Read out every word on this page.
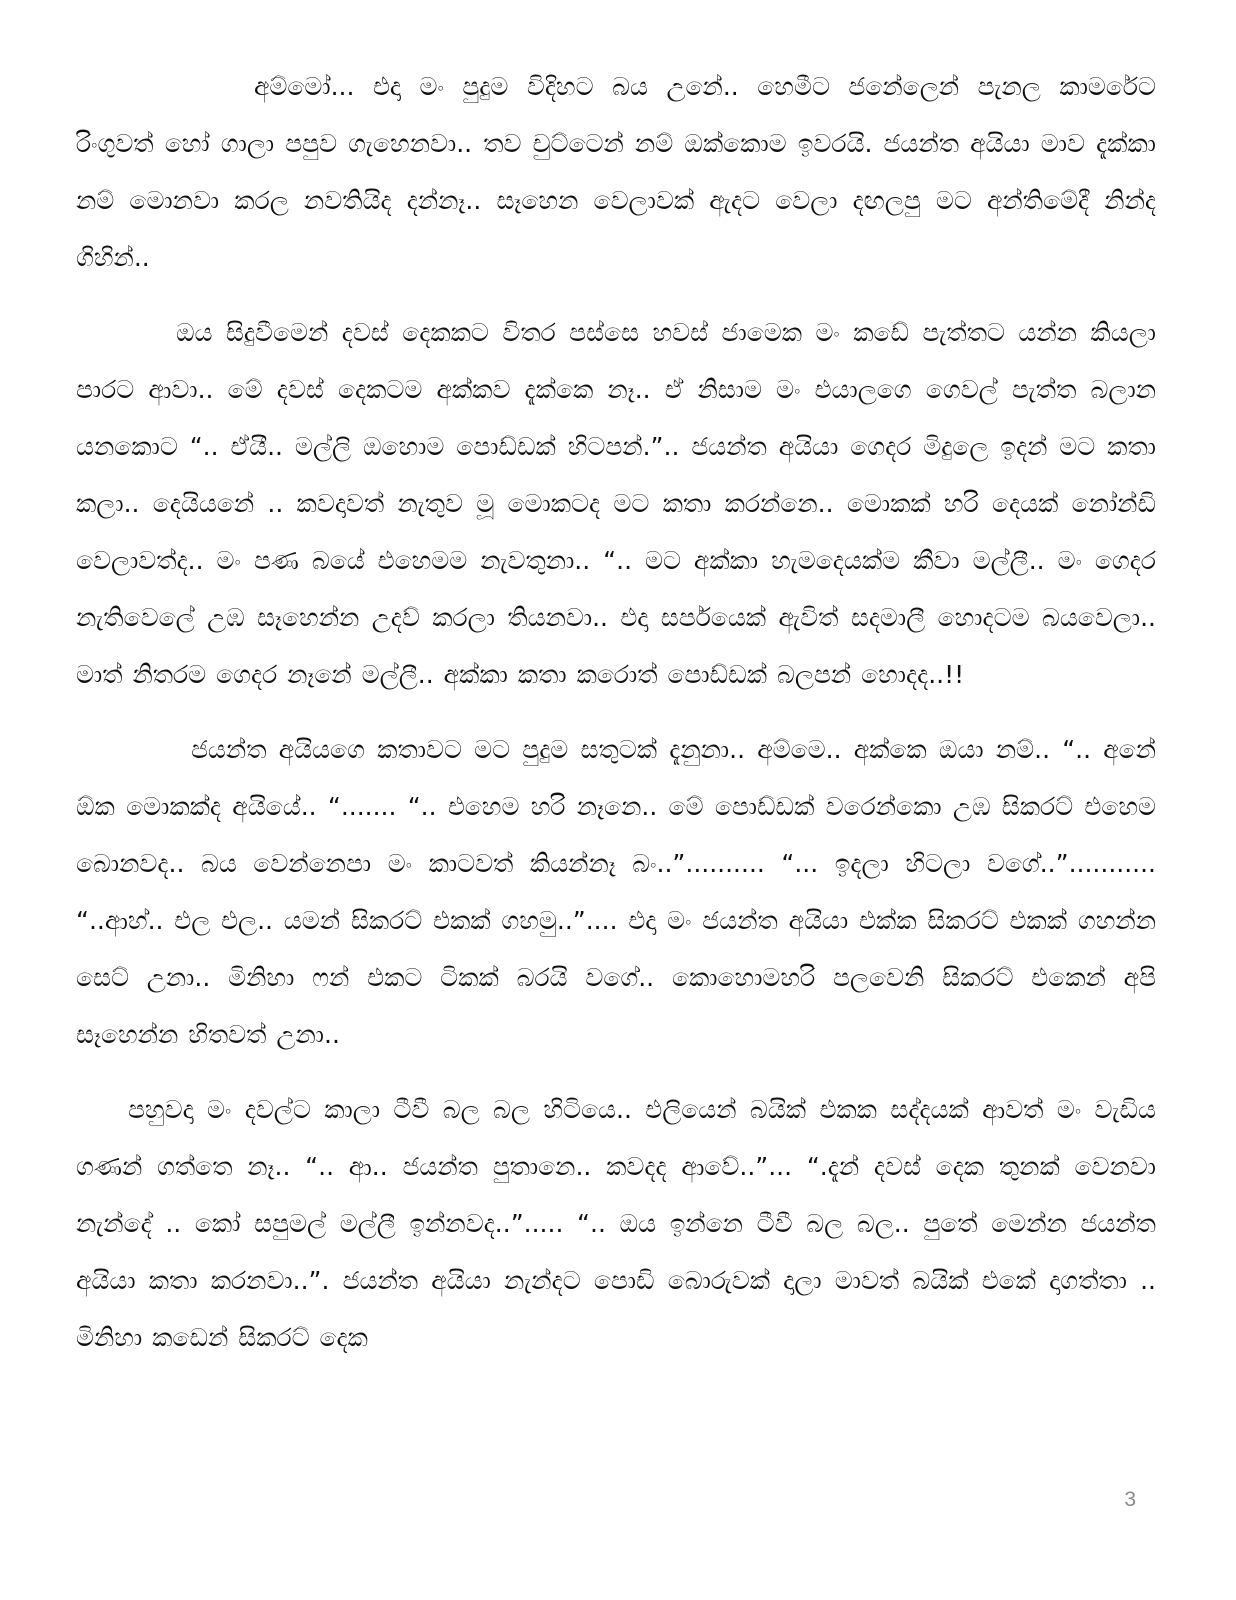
අම්මෝ... එදා මං පුදුම විදිහට බය උනේ.. හෙමීට ජනේලෙන් පැනල කාමරේට රිංගුවත් හෝ ගාලා පපුව ගැහෙනවා.. තව චුට්ටෙන් නම් ඔක්කොම ඉවරයි. ජයන්ත අයියා මාව දැක්කා නම් මොනවා කරල නවතියිද දන්නෑ.. සෑහෙන වෙලාවක් ඇදට වෙලා දඟලපු මට අන්තිමේදී නින්ද ගිහින්..

ඔය සිදුවීමෙන් දවස් දෙකකට විතර පස්සෙ හවස් ජාමෙක මං කඩේ පැත්තට යන්න කියලා පාරට ආවා.. මේ දවස් දෙකටම අක්කව දැක්කෙ නෑ.. ඒ නිසාම මං එයාලගෙ ගෙවල් පැත්ත බලාන යනකොට “.. ඒයී.. මල්ලි ඔහොම පොඩ්ඩක් හිටපන්.”.. ජයන්ත අයියා ගෙදර මිදුලෙ ඉදන් මට කතා කලා.. දෙයියනේ .. කවදාවත් නැතුව මූ මොකටද මට කතා කරන්නෙ.. මොකක් හරි දෙයක් නෝන්ඩි වෙලාවත්ද.. මං පණ බයේ එහෙමම නැවතුනා.. “.. මට අක්කා හැමදෙයක්ම කීවා මල්ලී.. මං ගෙදර නැතිවෙලේ උඹ සෑහෙන්න උදව් කරලා තියනවා.. එදා සර්පයෙක් ඇවිත් සදමාලී හොදටම බයවෙලා.. මාත් නිතරම ගෙදර නෑනේ මල්ලී.. අක්කා කතා කරොත් පොඩ්ඩක් බලපන් හොදද..!!

ජයන්ත අයියගෙ කතාවට මට පුදුම සතුටක් දැනුනා.. අම්මෙ.. අක්කෙ ඔයා නම්.. “.. අනේ ඕක මොකක්ද අයියේ.. “....... “.. එහෙම හරි නෑනෙ.. මේ පොඩ්ඩක් වරෙන්කො උඹ සිකරට් එහෙම බොනවද.. බය වෙන්නෙපා මං කාටවත් කියන්නෑ බං..”.......... “... ඉදලා හිටලා වගේ..”........... “..ආහ්.. එල එල.. යමන් සිකරට් එකක් ගහමු..”.... එදා මං ජයන්ත අයියා එක්ක සිකරට් එකක් ගහන්න සෙට් උනා.. මිනිහා ෆන් එකට ටිකක් බරයි වගේ.. කොහොමහරි පලවෙනි සිකරට් එකෙන් අපි සෑහෙන්න හිතවත් උනා..

පහුවදා මං දවල්ට කාලා ටීවී බල බල හිටියෙ.. එලියෙන් බයික් එකක සද්දයක් ආවත් මං වැඩිය ගණන් ගත්තෙ නෑ.. “.. ආ.. ජයන්ත පුතානෙ.. කවදද ආවේ..”... “.දැන් දවස් දෙක තුනක් වෙනවා නැන්දේ .. කෝ සපුමල් මල්ලී ඉන්නවද..”..... “.. ඔය ඉන්නෙ ටීවී බල බල.. පුතේ මෙන්න ජයන්ත අයියා කතා කරනවා..”. ජයන්ත අයියා නැන්දට පොඩි බොරුවක් දාලා මාවත් බයික් එකේ දාගත්තා .. මිනිහා කඩෙන් සිකරට් දෙක

3
